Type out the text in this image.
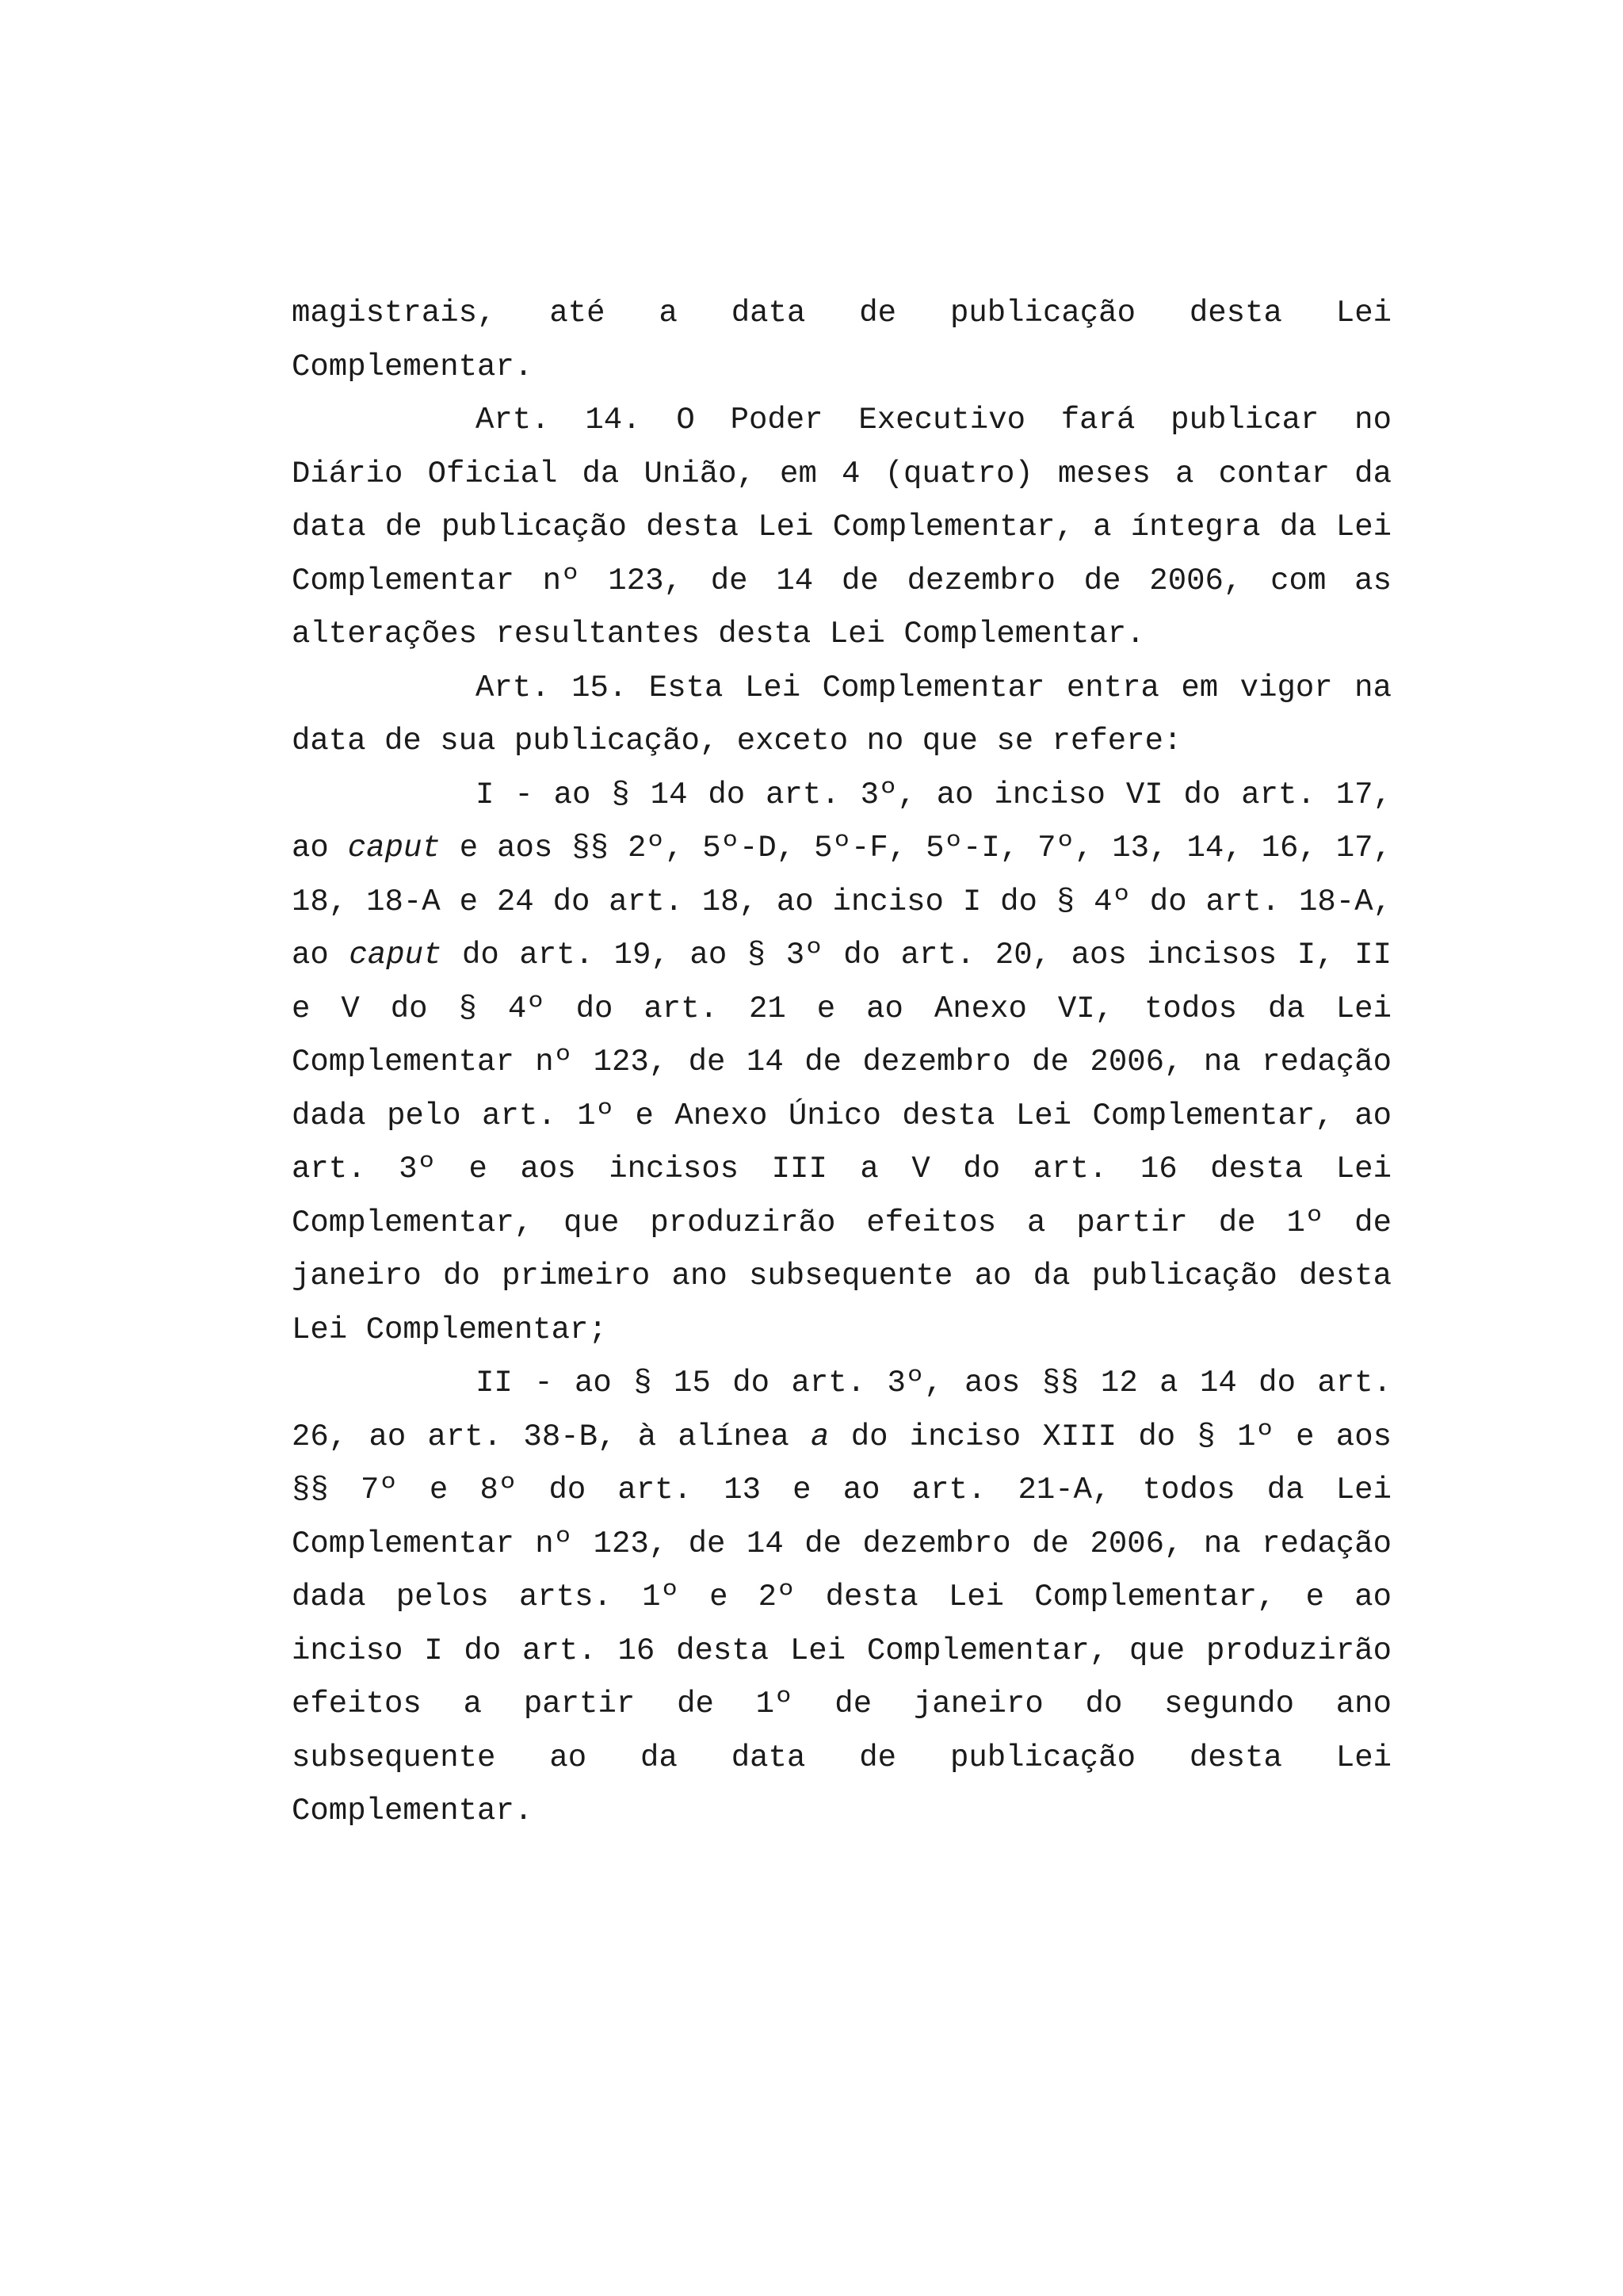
magistrais, até a data de publicação desta Lei
Complementar.
Art. 14. O Poder Executivo fará publicar no
Diário Oficial da União, em 4 (quatro) meses a contar da
data de publicação desta Lei Complementar, a íntegra da Lei
Complementar nº 123, de 14 de dezembro de 2006, com as
alterações resultantes desta Lei Complementar.
Art. 15. Esta Lei Complementar entra em vigor na
data de sua publicação, exceto no que se refere:
I - ao § 14 do art. 3º, ao inciso VI do art. 17,
ao caput e aos §§ 2º, 5º-D, 5º-F, 5º-I, 7º, 13, 14, 16, 17,
18, 18-A e 24 do art. 18, ao inciso I do § 4º do art. 18-A,
ao caput do art. 19, ao § 3º do art. 20, aos incisos I, II
e V do § 4º do art. 21 e ao Anexo VI, todos da Lei
Complementar nº 123, de 14 de dezembro de 2006, na redação
dada pelo art. 1º e Anexo Único desta Lei Complementar, ao
art. 3º e aos incisos III a V do art. 16 desta Lei
Complementar, que produzirão efeitos a partir de 1º de
janeiro do primeiro ano subsequente ao da publicação desta
Lei Complementar;
II - ao § 15 do art. 3º, aos §§ 12 a 14 do art.
26, ao art. 38-B, à alínea a do inciso XIII do § 1º e aos
§§ 7º e 8º do art. 13 e ao art. 21-A, todos da Lei
Complementar nº 123, de 14 de dezembro de 2006, na redação
dada pelos arts. 1º e 2º desta Lei Complementar, e ao
inciso I do art. 16 desta Lei Complementar, que produzirão
efeitos a partir de 1º de janeiro do segundo ano
subsequente ao da data de publicação desta Lei
Complementar.
